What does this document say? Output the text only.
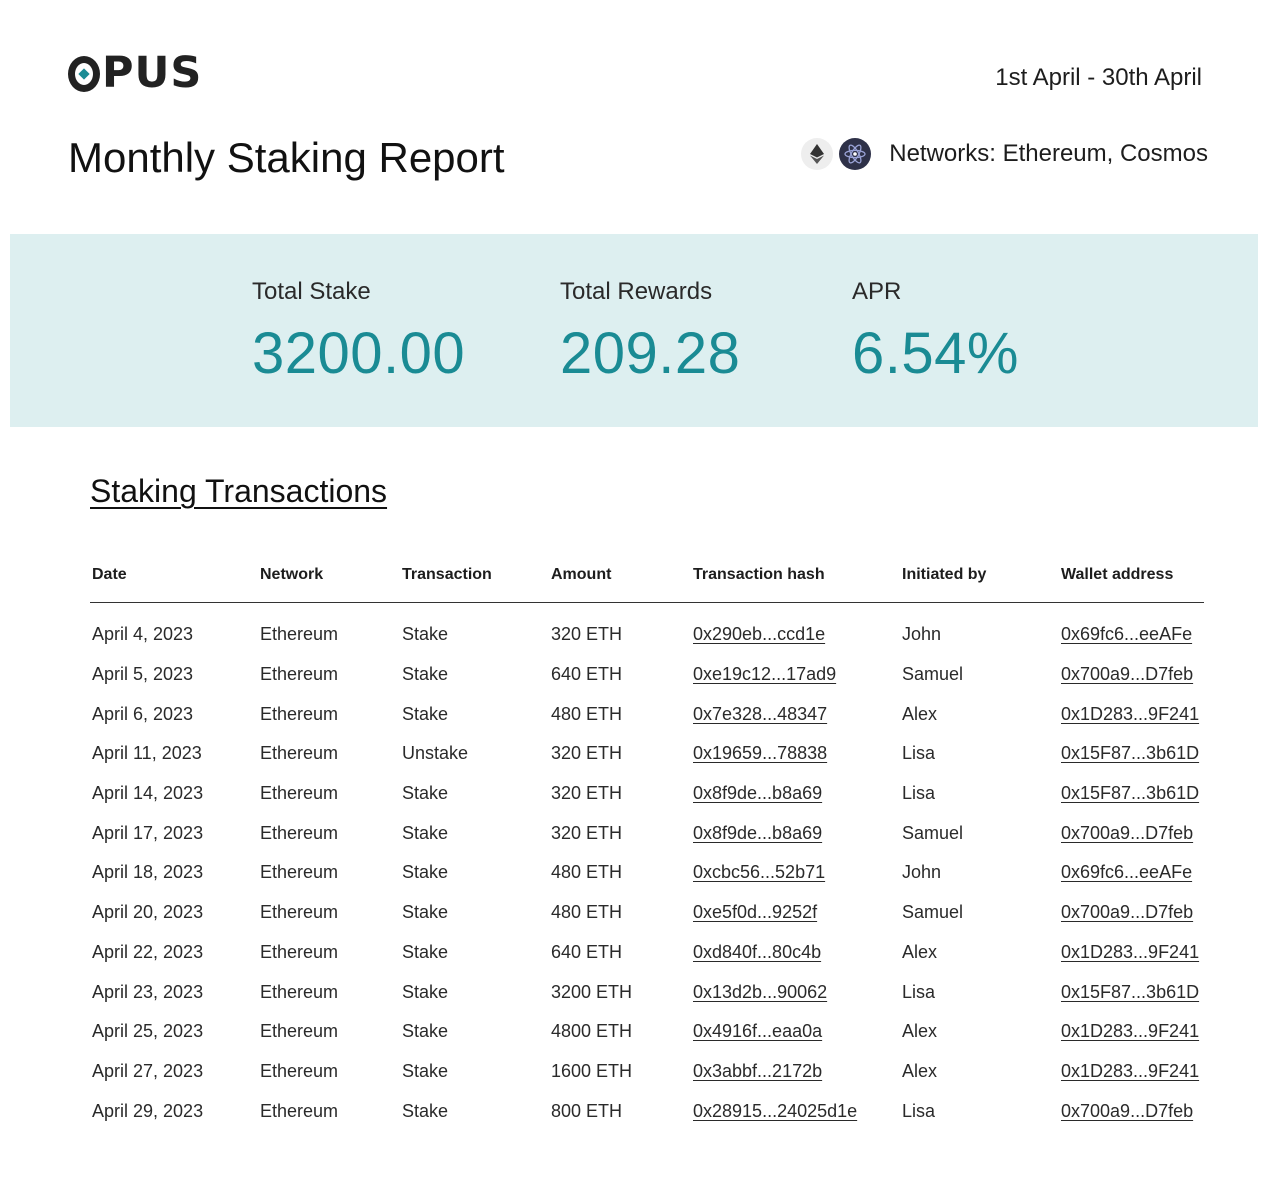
PUS	1st April - 30th April
Monthly Staking Report	Networks: Ethereum, Cosmos
Total Stake
3200.00
Total Rewards
209.28
APR
6.54%
Staking Transactions
Date	Network	Transaction	Amount	Transaction hash	Initiated by	Wallet address
April 4, 2023	Ethereum	Stake	320 ETH	0x290eb...ccd1e	John	0x69fc6...eeAFe
April 5, 2023	Ethereum	Stake	640 ETH	0xe19c12...17ad9	Samuel	0x700a9...D7feb
April 6, 2023	Ethereum	Stake	480 ETH	0x7e328...48347	Alex	0x1D283...9F241
April 11, 2023	Ethereum	Unstake	320 ETH	0x19659...78838	Lisa	0x15F87...3b61D
April 14, 2023	Ethereum	Stake	320 ETH	0x8f9de...b8a69	Lisa	0x15F87...3b61D
April 17, 2023	Ethereum	Stake	320 ETH	0x8f9de...b8a69	Samuel	0x700a9...D7feb
April 18, 2023	Ethereum	Stake	480 ETH	0xcbc56...52b71	John	0x69fc6...eeAFe
April 20, 2023	Ethereum	Stake	480 ETH	0xe5f0d...9252f	Samuel	0x700a9...D7feb
April 22, 2023	Ethereum	Stake	640 ETH	0xd840f...80c4b	Alex	0x1D283...9F241
April 23, 2023	Ethereum	Stake	3200 ETH	0x13d2b...90062	Lisa	0x15F87...3b61D
April 25, 2023	Ethereum	Stake	4800 ETH	0x4916f...eaa0a	Alex	0x1D283...9F241
April 27, 2023	Ethereum	Stake	1600 ETH	0x3abbf...2172b	Alex	0x1D283...9F241
April 29, 2023	Ethereum	Stake	800 ETH	0x28915...24025d1e	Lisa	0x700a9...D7feb
